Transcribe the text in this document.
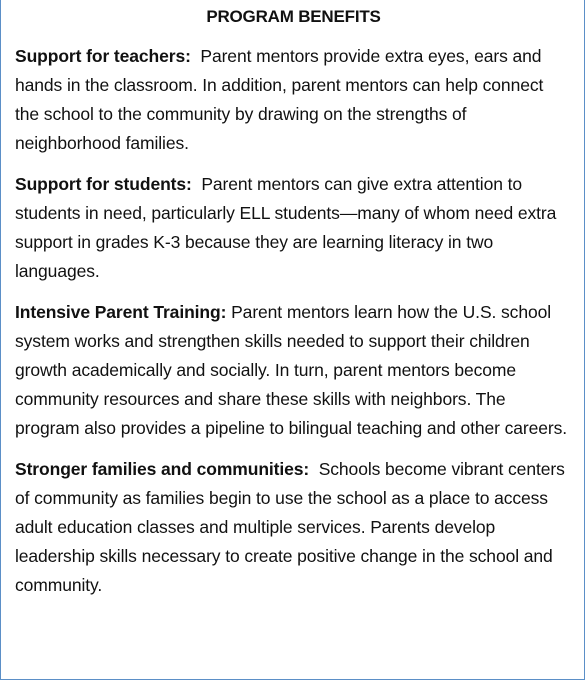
PROGRAM BENEFITS

Support for teachers: Parent mentors provide extra eyes, ears and hands in the classroom. In addition, parent mentors can help connect the school to the community by drawing on the strengths of neighborhood families.

Support for students: Parent mentors can give extra attention to students in need, particularly ELL students—many of whom need extra support in grades K-3 because they are learning literacy in two languages.

Intensive Parent Training: Parent mentors learn how the U.S. school system works and strengthen skills needed to support their children growth academically and socially. In turn, parent mentors become community resources and share these skills with neighbors. The program also provides a pipeline to bilingual teaching and other careers.

Stronger families and communities: Schools become vibrant centers of community as families begin to use the school as a place to access adult education classes and multiple services. Parents develop leadership skills necessary to create positive change in the school and community.
